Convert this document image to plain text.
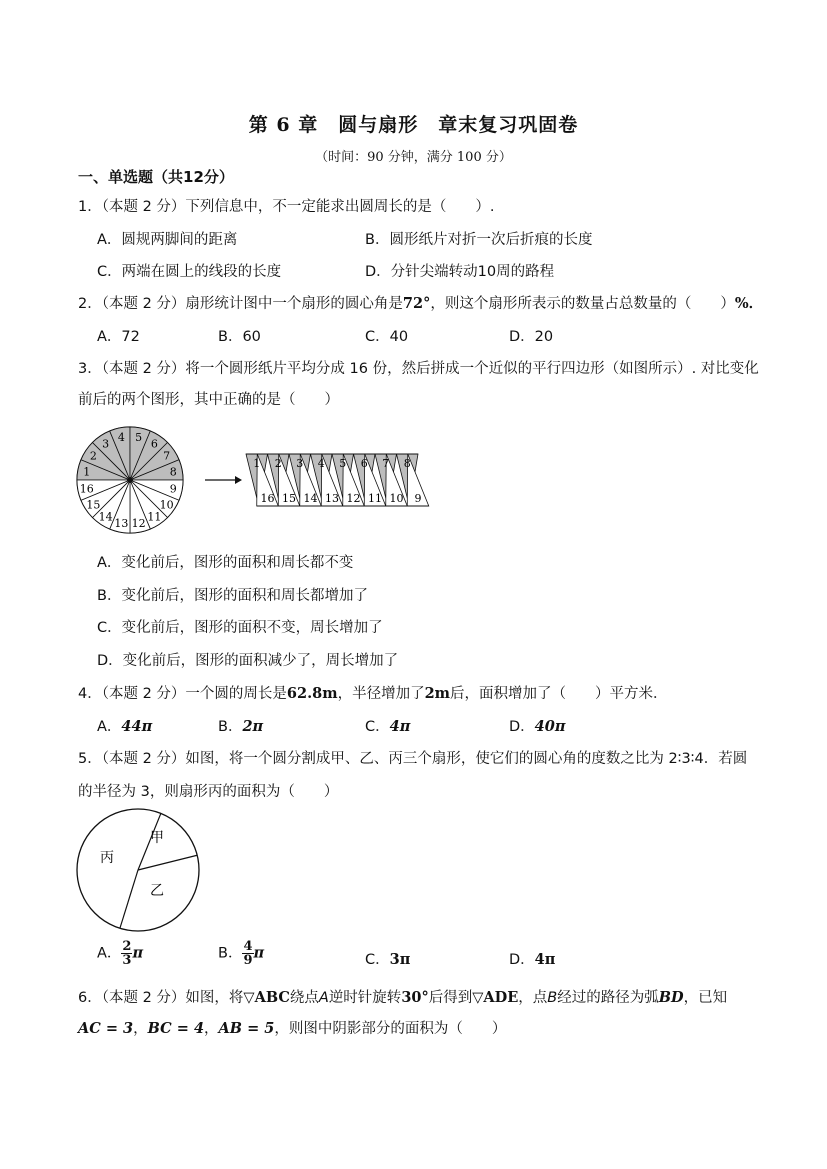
第 6 章　圆与扇形　章末复习巩固卷
（时间：90 分钟，满分 100 分）
一、单选题（共12分）
1．（本题 2 分）下列信息中，不一定能求出圆周长的是（　　）.
A．圆规两脚间的距离	B．圆形纸片对折一次后折痕的长度
C．两端在圆上的线段的长度	D．分针尖端转动10周的路程
2．（本题 2 分）扇形统计图中一个扇形的圆心角是72°，则这个扇形所表示的数量占总数量的（　　）%．
A．72	B．60	C．40	D．20
3．（本题 2 分）将一个圆形纸片平均分成 16 份，然后拼成一个近似的平行四边形（如图所示）. 对比变化
前后的两个图形，其中正确的是（　　）
1
2
3
4 5
6
7
8
9
10
11
12
13
14
15
16
1
16
2
15
3
14
4
13
5
12
6
11
7
10
8
9
A．变化前后，图形的面积和周长都不变
B．变化前后，图形的面积和周长都增加了
C．变化前后，图形的面积不变，周长增加了
D．变化前后，图形的面积减少了，周长增加了
4．（本题 2 分）一个圆的周长是62.8m，半径增加了2m后，面积增加了（　　）平方米．
A．44π	B．2π	C．4π	D．40π
5．（本题 2 分）如图，将一个圆分割成甲、乙、丙三个扇形，使它们的圆心角的度数之比为 2∶3∶4．若圆
的半径为 3，则扇形丙的面积为（　　）
甲
乙
丙
A． $\frac{2}{3}$ π	B． $\frac{4}{9}$ π	C．3π	D．4π
6．（本题 2 分）如图，将▽ABC绕点A逆时针旋转30°后得到▽ADE，点B经过的路径为弧BD，已知
AC = 3，BC = 4，AB = 5，则图中阴影部分的面积为（　　）
